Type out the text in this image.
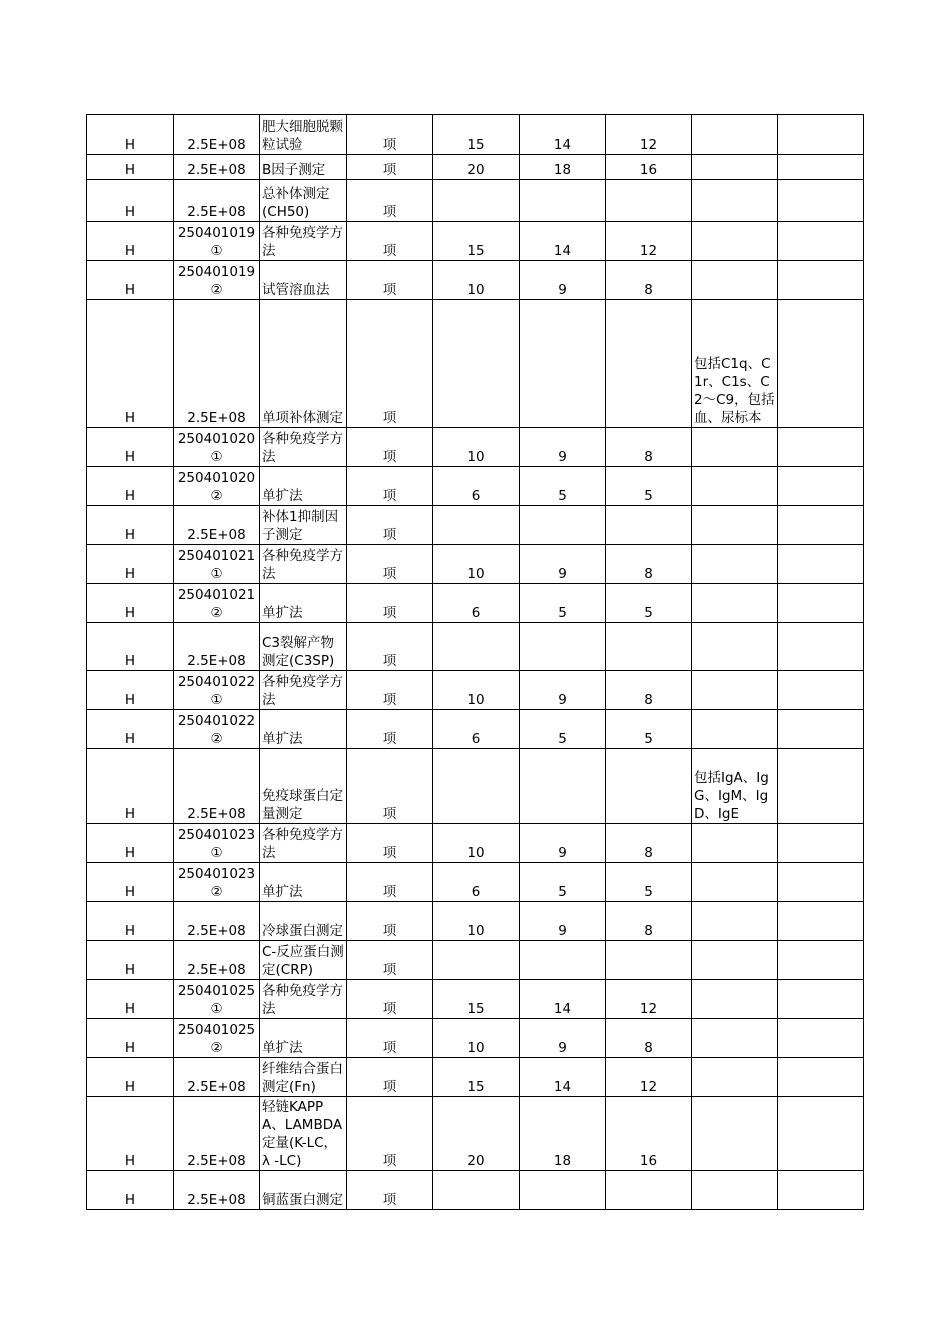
H	2.5E+08	肥大细胞脱颗粒试验	项	15	14	12		
H	2.5E+08	B因子测定	项	20	18	16		
H	2.5E+08	总补体测定(CH50)	项					
H	250401019①	各种免疫学方法	项	15	14	12		
H	250401019②	试管溶血法	项	10	9	8		
H	2.5E+08	单项补体测定	项				包括C1q、C1r、C1s、C2～C9，包括血、尿标本	
H	250401020①	各种免疫学方法	项	10	9	8		
H	250401020②	单扩法	项	6	5	5		
H	2.5E+08	补体1抑制因子测定	项					
H	250401021①	各种免疫学方法	项	10	9	8		
H	250401021②	单扩法	项	6	5	5		
H	2.5E+08	C3裂解产物测定(C3SP)	项					
H	250401022①	各种免疫学方法	项	10	9	8		
H	250401022②	单扩法	项	6	5	5		
H	2.5E+08	免疫球蛋白定量测定	项				包括IgA、IgG、IgM、IgD、IgE	
H	250401023①	各种免疫学方法	项	10	9	8		
H	250401023②	单扩法	项	6	5	5		
H	2.5E+08	冷球蛋白测定	项	10	9	8		
H	2.5E+08	C-反应蛋白测定(CRP)	项					
H	250401025①	各种免疫学方法	项	15	14	12		
H	250401025②	单扩法	项	10	9	8		
H	2.5E+08	纤维结合蛋白测定(Fn)	项	15	14	12		
H	2.5E+08	轻链KAPPA、LAMBDA定量(K-LC，λ -LC)	项	20	18	16		
H	2.5E+08	铜蓝蛋白测定	项					
